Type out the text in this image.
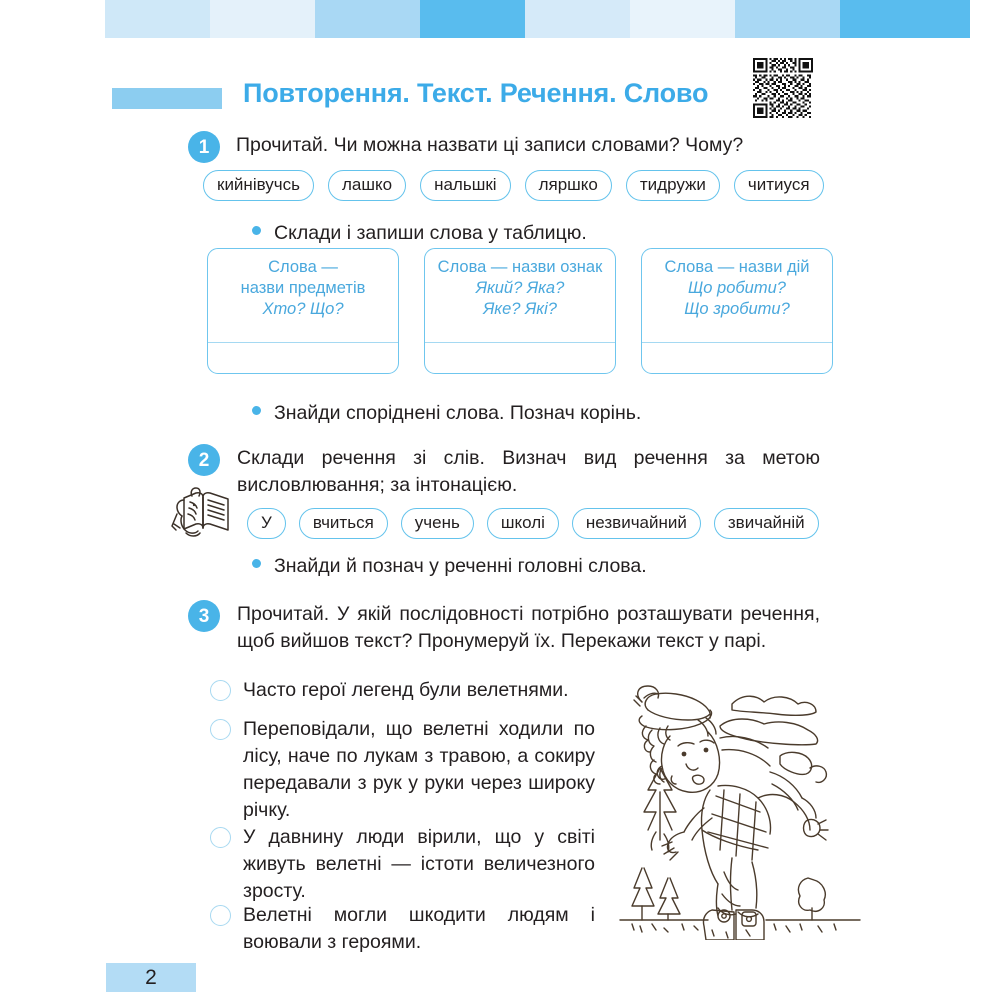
Повторення. Текст. Речення. Слово
1	Прочитай. Чи можна назвати ці записи словами? Чому?
кийнівучсь	лашко	нальшкі	ляршко	тидружи	читиуся
Склади і запиши слова у таблицю.
Слова —
назви предметів
Хто? Що?
Слова — назви ознак
Який? Яка?
Яке? Які?
Слова — назви дій
Що робити?
Що зробити?
Знайди споріднені слова. Познач корінь.
2	Склади речення зі слів. Визнач вид речення за метою висловлювання; за інтонацією.
У	вчиться	учень	школі	незвичайний	звичайній
Знайди й познач у реченні головні слова.
3	Прочитай. У якій послідовності потрібно розташувати речення, щоб вийшов текст? Пронумеруй їх. Перекажи текст у парі.
Часто герої легенд були велетнями.
Переповідали, що велетні ходили по лісу, наче по лукам з травою, а сокиру передавали з рук у руки через широку річку.
У давнину люди вірили, що у світі живуть велетні — істоти величезного зросту.
Велетні могли шкодити людям і воювали з героями.
2
